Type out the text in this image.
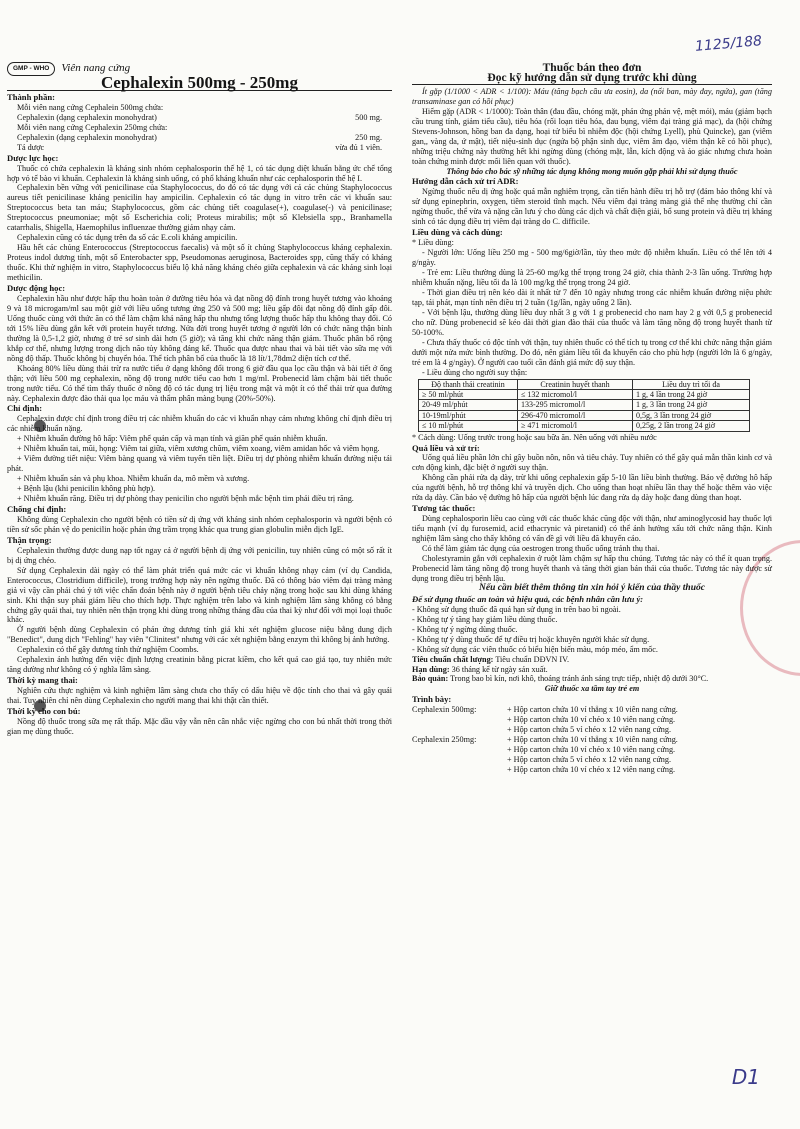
1125/188
D1
GMP - WHO	Viên nang cứng
Cephalexin 500mg - 250mg
Thành phần:

Mỗi viên nang cứng Cephalein 500mg chứa:

Cephalexin (dạng cephalexin monohydrat)	500 mg.

Mỗi viên nang cứng Cephalexin 250mg chứa:

Cephalexin (dạng cephalexin monohydrat)	250 mg.
Tá dược	vừa đủ 1 viên.
Dược lực học:

Thuốc có chứa cephalexin là kháng sinh nhóm cephalosporin thế hệ 1, có tác dụng diệt khuẩn bằng ức chế tổng hợp vỏ tế bào vi khuẩn. Cephalexin là kháng sinh uống, có phổ kháng khuẩn như các cephalosporin thế hệ I.

Cephalexin bền vững với penicilinase của Staphylococcus, do đó có tác dụng với cả các chủng Staphylococcus aureus tiết penicilinase kháng penicilin hay ampicilin. Cephalexin có tác dụng in vitro trên các vi khuẩn sau: Streptococcus beta tan máu; Staphylococcus, gồm các chủng tiết coagulase(+), coagulase(-) và penicilinase; Streptococcus pneumoniae; một số Escherichia coli; Proteus mirabilis; một số Klebsiella spp., Branhamella catarrhalis, Shigella, Haemophilus influenzae thường giảm nhạy cảm.

Cephalexin cũng có tác dụng trên đa số các E.coli kháng ampicilin.

Hầu hết các chủng Enterococcus (Streptococcus faecalis) và một số ít chủng Staphylococcus kháng cephalexin. Proteus indol dương tính, một số Enterobacter spp, Pseudomonas aeruginosa, Bacteroides spp, cũng thấy có kháng thuốc. Khi thử nghiệm in vitro, Staphylococcus biểu lộ khả năng kháng chéo giữa cephalexin và các kháng sinh loại methicilin.

Dược động học:

Cephalexin hầu như được hấp thu hoàn toàn ở đường tiêu hóa và đạt nồng độ đỉnh trong huyết tương vào khoảng 9 và 18 microgam/ml sau một giờ với liều uống tương ứng 250 và 500 mg; liều gấp đôi đạt nồng độ đỉnh gấp đôi. Uống thuốc cùng với thức ăn có thể làm chậm khả năng hấp thu nhưng tổng lượng thuốc hấp thu không thay đổi. Có tới 15% liều dùng gắn kết với protein huyết tương. Nửa đời trong huyết tương ở người lớn có chức năng thận bình thường là 0,5-1,2 giờ, nhưng ở trẻ sơ sinh dài hơn (5 giờ); và tăng khi chức năng thận giảm. Thuốc phân bố rộng khắp cơ thể, nhưng lượng trong dịch não tủy không đáng kể. Thuốc qua được nhau thai và bài tiết vào sữa mẹ với nồng độ thấp. Thuốc không bị chuyển hóa. Thể tích phân bố của thuốc là 18 lít/1,78dm2 diện tích cơ thể.

Khoảng 80% liều dùng thải trừ ra nước tiểu ở dạng không đổi trong 6 giờ đầu qua lọc cầu thận và bài tiết ở ống thận; với liều 500 mg cephalexin, nồng độ trong nước tiểu cao hơn 1 mg/ml. Probenecid làm chậm bài tiết thuốc trong nước tiểu. Có thể tìm thấy thuốc ở nồng độ có tác dụng trị liệu trong mật và một ít có thể thải trừ qua đường này. Cephalexin được đào thải qua lọc máu và thẩm phân màng bụng (20%-50%).

Chỉ định:

Cephalexin được chỉ định trong điều trị các nhiễm khuẩn do các vi khuẩn nhạy cảm nhưng không chỉ định điều trị các nhiễm khuẩn nặng.

+ Nhiễm khuẩn đường hô hấp: Viêm phế quản cấp và mạn tính và giãn phế quản nhiễm khuẩn.

+ Nhiễm khuẩn tai, mũi, họng: Viêm tai giữa, viêm xương chũm, viêm xoang, viêm amidan hốc và viêm họng.

+ Viêm đường tiết niệu: Viêm bàng quang và viêm tuyến tiền liệt. Điều trị dự phòng nhiễm khuẩn đường niệu tái phát.

+ Nhiễm khuẩn sản và phụ khoa. Nhiễm khuẩn da, mô mềm và xương.

+ Bệnh lậu (khi penicilin không phù hợp).

+ Nhiễm khuẩn răng. Điều trị dự phòng thay penicilin cho người bệnh mắc bệnh tim phải điều trị răng.

Chống chỉ định:

Không dùng Cephalexin cho người bệnh có tiền sử dị ứng với kháng sinh nhóm cephalosporin và người bệnh có tiền sử sốc phản vệ do penicilin hoặc phản ứng trầm trọng khác qua trung gian globulin miễn dịch IgE.

Thận trọng:

Cephalexin thường được dung nạp tốt ngay cả ở người bệnh dị ứng với penicilin, tuy nhiên cũng có một số rất ít bị dị ứng chéo.

Sử dụng Cephalexin dài ngày có thể làm phát triển quá mức các vi khuẩn không nhạy cảm (ví dụ Candida, Enterococcus, Clostridium difficile), trong trường hợp này nên ngừng thuốc. Đã có thông báo viêm đại tràng màng giả vì vậy cần phải chú ý tới việc chẩn đoán bệnh này ở người bệnh tiêu chảy nặng trong hoặc sau khi dùng kháng sinh. Khi thận suy phải giảm liều cho thích hợp. Thực nghiệm trên labo và kinh nghiệm lâm sàng không có bằng chứng gây quái thai, tuy nhiên nên thận trọng khi dùng trong những tháng đầu của thai kỳ như đối với mọi loại thuốc khác.

Ở người bệnh dùng Cephalexin có phản ứng dương tính giả khi xét nghiệm glucose niệu bằng dung dịch "Benedict", dung dịch "Fehling" hay viên "Clinitest" nhưng với các xét nghiệm bằng enzym thì không bị ảnh hưởng.

Cephalexin có thể gây dương tính thử nghiệm Coombs.

Cephalexin ảnh hưởng đến việc định lượng creatinin bằng picrat kiềm, cho kết quả cao giả tạo, tuy nhiên mức tăng dường như không có ý nghĩa lâm sàng.

Thời kỳ mang thai:

Nghiên cứu thực nghiệm và kinh nghiệm lâm sàng chưa cho thấy có dấu hiệu về độc tính cho thai và gây quái thai. Tuy nhiên chỉ nên dùng Cephalexin cho người mang thai khi thật cần thiết.

Thời kỳ cho con bú:

Nồng độ thuốc trong sữa mẹ rất thấp. Mặc dầu vậy vẫn nên cân nhắc việc ngừng cho con bú nhất thời trong thời gian mẹ dùng thuốc.

Thuốc bán theo đơn
Đọc kỹ hướng dẫn sử dụng trước khi dùng

Ít gặp (1/1000 < ADR < 1/100): Máu (tăng bạch cầu ưa eosin), da (nổi ban, mày đay, ngứa), gan (tăng transaminase gan có hồi phục)

Hiếm gặp (ADR < 1/1000): Toàn thân (đau đầu, chóng mặt, phản ứng phản vệ, mệt mỏi), máu (giảm bạch cầu trung tính, giảm tiểu cầu), tiêu hóa (rối loạn tiêu hóa, đau bụng, viêm đại tràng giả mạc), da (hội chứng Stevens-Johnson, hồng ban đa dạng, hoại tử biểu bì nhiễm độc (hội chứng Lyell), phù Quincke), gan (viêm gan,, vàng da, ứ mật), tiết niệu-sinh dục (ngứa bộ phận sinh dục, viêm âm đạo, viêm thận kẽ có hồi phục), những triệu chứng này thường hết khi ngừng dùng (chóng mặt, lẫn, kích động và ảo giác nhưng chưa hoàn toàn chứng minh được mối liên quan với thuốc).

Thông báo cho bác sỹ những tác dụng không mong muốn gặp phải khi sử dụng thuốc

Hướng dẫn cách xử trí ADR:

Ngừng thuốc nếu dị ứng hoặc quá mẫn nghiêm trọng, cần tiến hành điều trị hỗ trợ (đảm bảo thông khí và sử dụng epinephrin, oxygen, tiêm steroid tĩnh mạch. Nếu viêm đại tràng màng giả thể nhẹ thường chỉ cần ngừng thuốc, thể vừa và nặng cần lưu ý cho dùng các dịch và chất điện giải, bổ sung protein và điều trị kháng sinh có tác dụng điều trị viêm đại tràng do C. difficile.

Liều dùng và cách dùng:

* Liều dùng:

- Người lớn: Uống liều 250 mg - 500 mg/6giờ/lần, tùy theo mức độ nhiễm khuẩn. Liều có thể lên tới 4 g/ngày.

- Trẻ em: Liều thường dùng là 25-60 mg/kg thể trọng trong 24 giờ, chia thành 2-3 lần uống. Trường hợp nhiễm khuẩn nặng, liều tối đa là 100 mg/kg thể trọng trong 24 giờ.

- Thời gian điều trị nên kéo dài ít nhất từ 7 đến 10 ngày nhưng trong các nhiễm khuẩn đường niệu phức tạp, tái phát, mạn tính nên điều trị 2 tuần (1g/lần, ngày uống 2 lần).

- Với bệnh lậu, thường dùng liều duy nhất 3 g với 1 g probenecid cho nam hay 2 g với 0,5 g probenecid cho nữ. Dùng probenecid sẽ kéo dài thời gian đào thải của thuốc và làm tăng nồng độ trong huyết thanh từ 50-100%.

- Chưa thấy thuốc có độc tính với thận, tuy nhiên thuốc có thể tích tụ trong cơ thể khi chức năng thận giảm dưới một nửa mức bình thường. Do đó, nên giảm liều tối đa khuyến cáo cho phù hợp (người lớn là 6 g/ngày, trẻ em là 4 g/ngày). Ở người cao tuổi cần đánh giá mức độ suy thận.

- Liều dùng cho người suy thận:

Độ thanh thải creatinin	Creatinin huyết thanh	Liều duy trì tối đa
≥ 50 ml/phút	≤ 132 micromol/l	1 g, 4 lần trong 24 giờ
20-49 ml/phút	133-295 micromol/l	1 g, 3 lần trong 24 giờ
10-19ml/phút	296-470 micromol/l	0,5g, 3 lần trong 24 giờ
≤ 10 ml/phút	≥ 471 micromol/l	0,25g, 2 lần trong 24 giờ

* Cách dùng: Uống trước trong hoặc sau bữa ăn. Nên uống với nhiều nước

Quá liều và xử trí:

Uống quá liều phần lớn chỉ gây buồn nôn, nôn và tiêu chảy. Tuy nhiên có thể gây quá mẫn thần kinh cơ và cơn động kinh, đặc biệt ở người suy thận.

Không cần phải rửa dạ dày, trừ khi uống cephalexin gấp 5-10 lần liều bình thường. Bảo vệ đường hô hấp của người bệnh, hỗ trợ thông khí và truyền dịch. Cho uống than hoạt nhiều lần thay thế hoặc thêm vào việc rửa dạ dày. Cần bảo vệ đường hô hấp của người bệnh lúc đang rửa dạ dày hoặc đang dùng than hoạt.

Tương tác thuốc:

Dùng cephalosporin liều cao cùng với các thuốc khác cũng độc với thận, như aminoglycosid hay thuốc lợi tiểu mạnh (ví dụ furosemid, acid ethacrynic và piretanid) có thể ảnh hưởng xấu tới chức năng thận. Kinh nghiệm lâm sàng cho thấy không có vấn đề gì với liều đã khuyến cáo.

Có thể làm giảm tác dụng của oestrogen trong thuốc uống tránh thụ thai.

Cholestyramin gắn với cephalexin ở ruột làm chậm sự hấp thu chúng. Tương tác này có thể ít quan trọng. Probenecid làm tăng nồng độ trong huyết thanh và tăng thời gian bán thải của thuốc. Tương tác này được sử dụng trong điều trị bệnh lậu.

Nếu cần biết thêm thông tin xin hỏi ý kiến của thầy thuốc

Để sử dụng thuốc an toàn và hiệu quả, các bệnh nhân cần lưu ý:

- Không sử dụng thuốc đã quá hạn sử dụng in trên bao bì ngoài.

- Không tự ý tăng hay giảm liều dùng thuốc.

- Không tự ý ngừng dùng thuốc.

- Không tự ý dùng thuốc để tự điều trị hoặc khuyên người khác sử dụng.

- Không sử dụng các viên thuốc có biểu hiện biến màu, móp méo, ẩm mốc.

Tiêu chuẩn chất lượng: Tiêu chuẩn DĐVN IV.

Hạn dùng: 36 tháng kể từ ngày sản xuất.

Bảo quản: Trong bao bì kín, nơi khô, thoáng tránh ánh sáng trực tiếp, nhiệt độ dưới 30°C.

Giữ thuốc xa tầm tay trẻ em

Trình bày:
Cephalexin 500mg:	+ Hộp carton chứa 10 vỉ thẳng x 10 viên nang cứng.

+ Hộp carton chứa 10 vỉ chéo x 10 viên nang cứng.

+ Hộp carton chứa 5 vỉ chéo x 12 viên nang cứng.

Cephalexin 250mg:	+ Hộp carton chứa 10 vỉ thẳng x 10 viên nang cứng.

+ Hộp carton chứa 10 vỉ chéo x 10 viên nang cứng.

+ Hộp carton chứa 5 vỉ chéo x 12 viên nang cứng.

+ Hộp carton chứa 10 vỉ chéo x 12 viên nang cứng.
